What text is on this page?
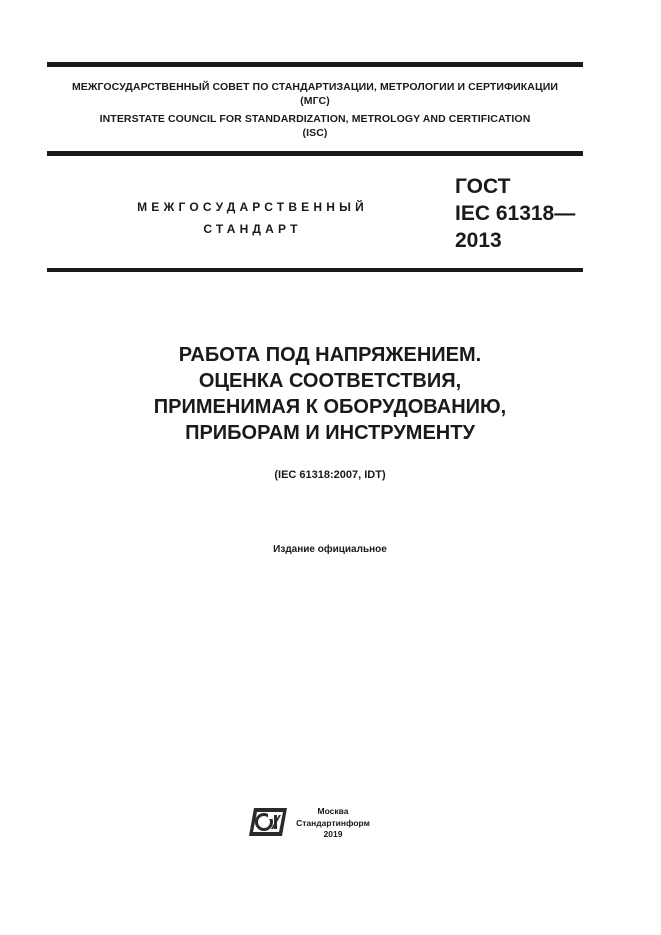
МЕЖГОСУДАРСТВЕННЫЙ СОВЕТ ПО СТАНДАРТИЗАЦИИ, МЕТРОЛОГИИ И СЕРТИФИКАЦИИ
(МГС)
INTERSTATE COUNCIL FOR STANDARDIZATION, METROLOGY AND CERTIFICATION
(ISC)
МЕЖГОСУДАРСТВЕННЫЙ
СТАНДАРТ
ГОСТ
IEC 61318—
2013
РАБОТА ПОД НАПРЯЖЕНИЕМ.
ОЦЕНКА СООТВЕТСТВИЯ,
ПРИМЕНИМАЯ К ОБОРУДОВАНИЮ,
ПРИБОРАМ И ИНСТРУМЕНТУ
(IEC 61318:2007, IDT)
Издание официальное
Москва
Стандартинформ
2019
